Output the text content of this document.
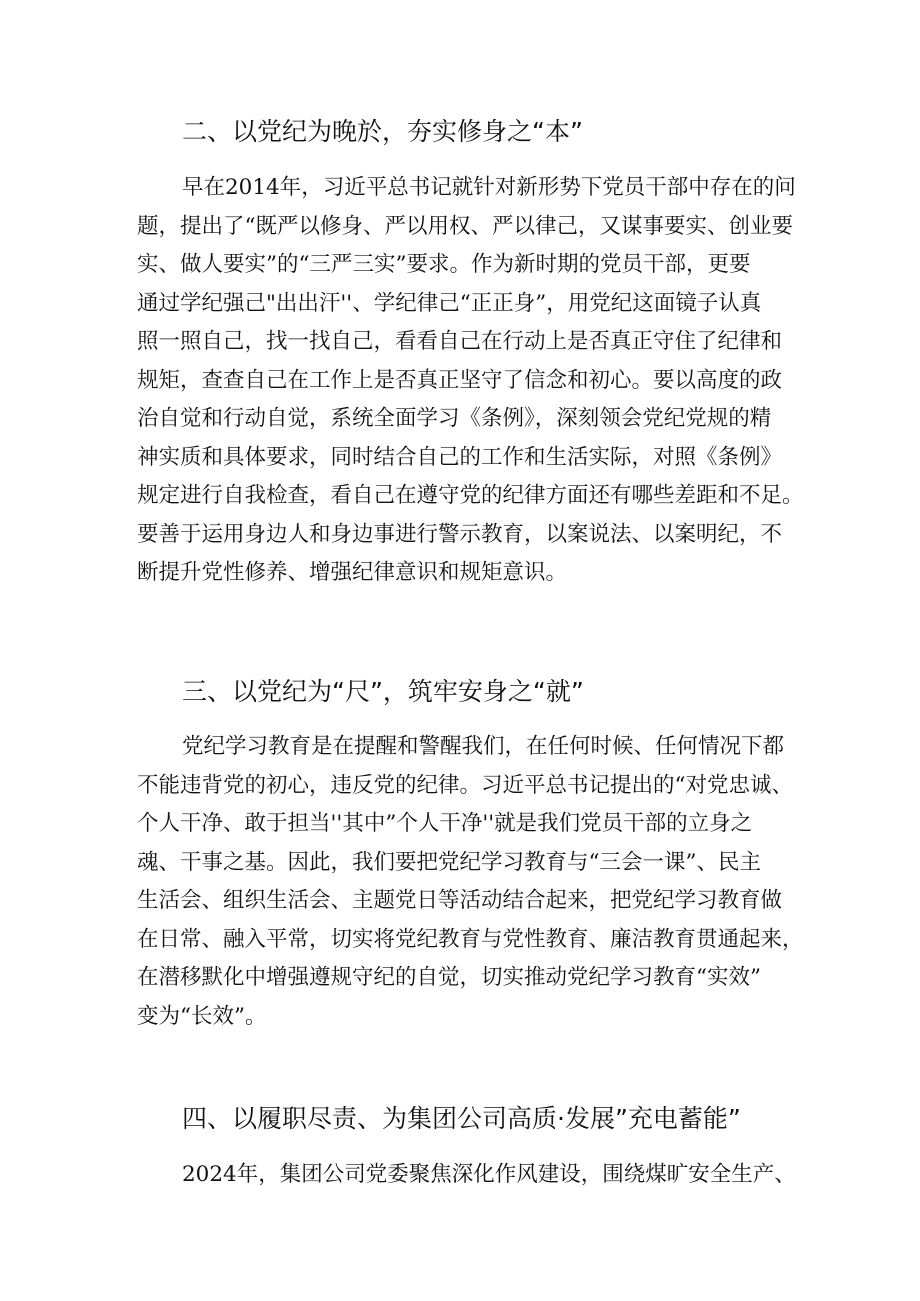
二、以党纪为晚於，夯实修身之“本”
早在2014年，习近平总书记就针对新形势下党员干部中存在的问
题，提出了“既严以修身、严以用权、严以律己，又谋事要实、创业要
实、做人要实”的“三严三实”要求。作为新时期的党员干部，更要
通过学纪强己"出出汗''、学纪律己“正正身”，用党纪这面镜子认真
照一照自己，找一找自己，看看自己在行动上是否真正守住了纪律和
规矩，查查自己在工作上是否真正坚守了信念和初心。要以高度的政
治自觉和行动自觉，系统全面学习《条例》，深刻领会党纪党规的精
神实质和具体要求，同时结合自己的工作和生活实际，对照《条例》
规定进行自我检查，看自己在遵守党的纪律方面还有哪些差距和不足。
要善于运用身边人和身边事进行警示教育，以案说法、以案明纪，不
断提升党性修养、增强纪律意识和规矩意识。
三、以党纪为“尺”，筑牢安身之“就”
党纪学习教育是在提醒和警醒我们，在任何时候、任何情况下都
不能违背党的初心，违反党的纪律。习近平总书记提出的“对党忠诚、
个人干净、敢于担当''其中”个人干净''就是我们党员干部的立身之
魂、干事之基。因此，我们要把党纪学习教育与“三会一课”、民主
生活会、组织生活会、主题党日等活动结合起来，把党纪学习教育做
在日常、融入平常，切实将党纪教育与党性教育、廉洁教育贯通起来，
在潜移默化中增强遵规守纪的自觉，切实推动党纪学习教育“实效”
变为“长效”。
四、以履职尽责、为集团公司高质·发展”充电蓄能”
2024年，集团公司党委聚焦深化作风建设，围绕煤旷安全生产、
